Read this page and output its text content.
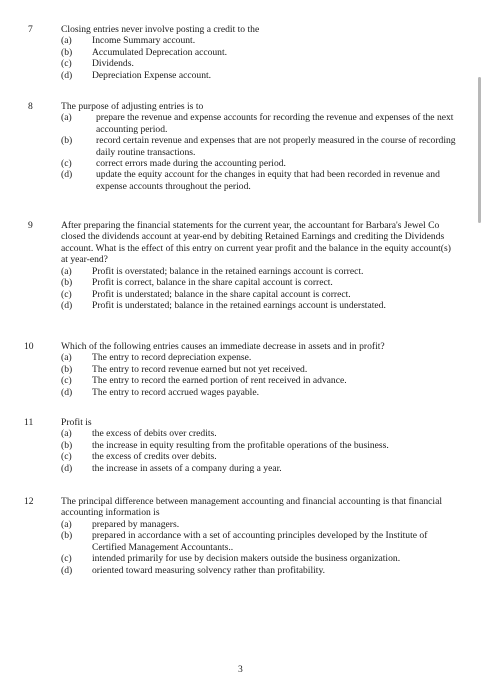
7	Closing entries never involve posting a credit to the
(a) Income Summary account.
(b) Accumulated Deprecation account.
(c) Dividends.
(d) Depreciation Expense account.
8	The purpose of adjusting entries is to
(a)	prepare the revenue and expense accounts for recording the revenue and expenses of the next accounting period.
(b) record certain revenue and expenses that are not properly measured in the course of recording daily routine transactions.
(c)	correct errors made during the accounting period.
(d) update the equity account for the changes in equity that had been recorded in revenue and expense accounts throughout the period.
9	After preparing the financial statements for the current year, the accountant for Barbara's Jewel Co closed the dividends account at year-end by debiting Retained Earnings and crediting the Dividends account. What is the effect of this entry on current year profit and the balance in the equity account(s) at year-end?
(a) Profit is overstated; balance in the retained earnings account is correct.
(b) Profit is correct, balance in the share capital account is correct.
(c) Profit is understated; balance in the share capital account is correct.
(d) Profit is understated; balance in the retained earnings account is understated.
10	Which of the following entries causes an immediate decrease in assets and in profit?
(a) The entry to record depreciation expense.
(b) The entry to record revenue earned but not yet received.
(c) The entry to record the earned portion of rent received in advance.
(d) The entry to record accrued wages payable.
11	Profit is
(a) the excess of debits over credits.
(b) the increase in equity resulting from the profitable operations of the business.
(c) the excess of credits over debits.
(d) the increase in assets of a company during a year.
12	The principal difference between management accounting and financial accounting is that financial accounting information is
(a) prepared by managers.
(b) prepared in accordance with a set of accounting principles developed by the Institute of Certified Management Accountants..
(c) intended primarily for use by decision makers outside the business organization.
(d) oriented toward measuring solvency rather than profitability.
3
